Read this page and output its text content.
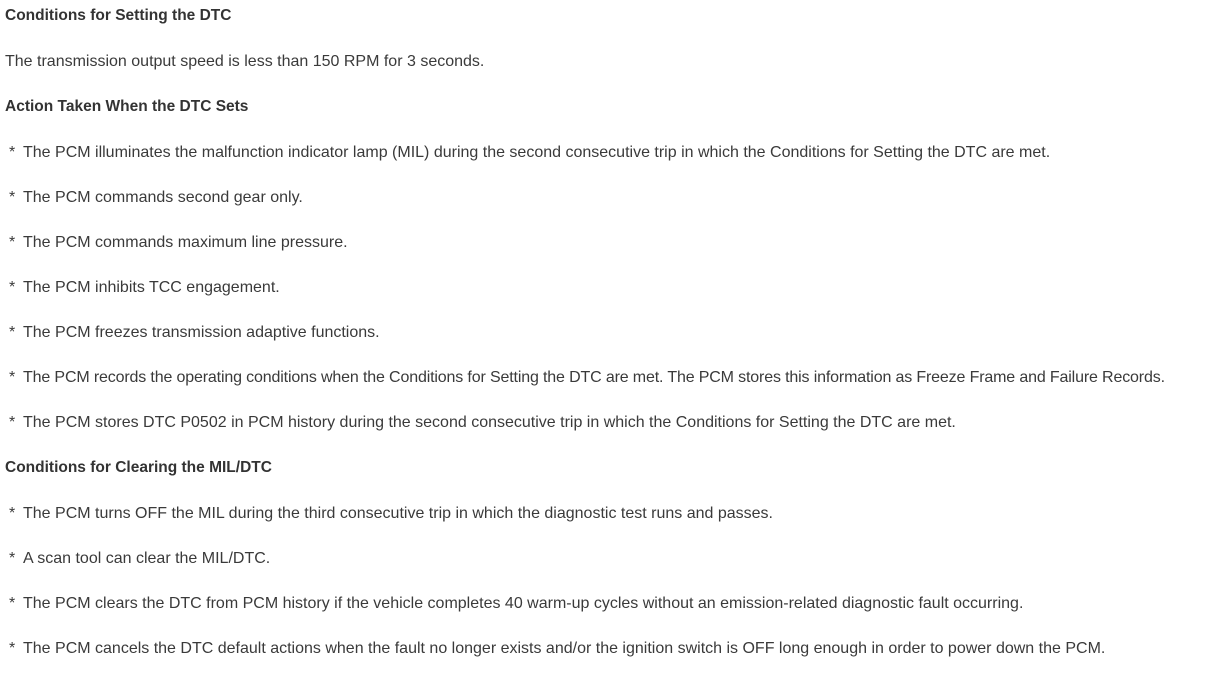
Conditions for Setting the DTC
The transmission output speed is less than 150 RPM for 3 seconds.
Action Taken When the DTC Sets
* The PCM illuminates the malfunction indicator lamp (MIL) during the second consecutive trip in which the Conditions for Setting the DTC are met.
* The PCM commands second gear only.
* The PCM commands maximum line pressure.
* The PCM inhibits TCC engagement.
* The PCM freezes transmission adaptive functions.
* The PCM records the operating conditions when the Conditions for Setting the DTC are met. The PCM stores this information as Freeze Frame and Failure Records.
* The PCM stores DTC P0502 in PCM history during the second consecutive trip in which the Conditions for Setting the DTC are met.
Conditions for Clearing the MIL/DTC
* The PCM turns OFF the MIL during the third consecutive trip in which the diagnostic test runs and passes.
* A scan tool can clear the MIL/DTC.
* The PCM clears the DTC from PCM history if the vehicle completes 40 warm-up cycles without an emission-related diagnostic fault occurring.
* The PCM cancels the DTC default actions when the fault no longer exists and/or the ignition switch is OFF long enough in order to power down the PCM.
